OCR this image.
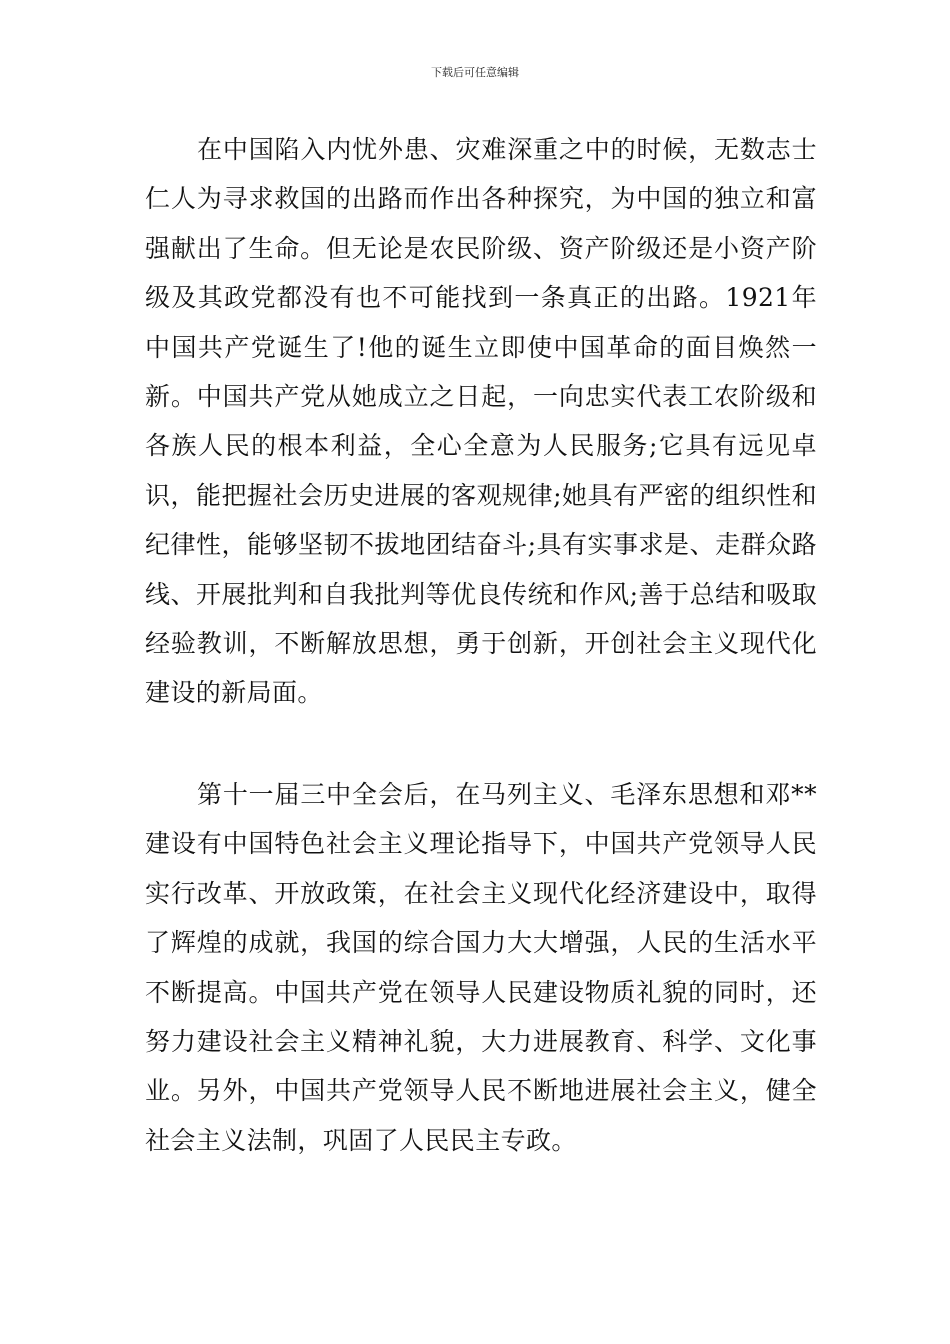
下载后可任意编辑

在中国陷入内忧外患、灾难深重之中的时候，无数志士仁人为寻求救国的出路而作出各种探究，为中国的独立和富强献出了生命。但无论是农民阶级、资产阶级还是小资产阶级及其政党都没有也不可能找到一条真正的出路。1921年中国共产党诞生了!他的诞生立即使中国革命的面目焕然一新。中国共产党从她成立之日起，一向忠实代表工农阶级和各族人民的根本利益，全心全意为人民服务;它具有远见卓识，能把握社会历史进展的客观规律;她具有严密的组织性和纪律性，能够坚韧不拔地团结奋斗;具有实事求是、走群众路线、开展批判和自我批判等优良传统和作风;善于总结和吸取经验教训，不断解放思想，勇于创新，开创社会主义现代化建设的新局面。

第十一届三中全会后，在马列主义、毛泽东思想和邓**建设有中国特色社会主义理论指导下，中国共产党领导人民实行改革、开放政策，在社会主义现代化经济建设中，取得了辉煌的成就，我国的综合国力大大增强，人民的生活水平不断提高。中国共产党在领导人民建设物质礼貌的同时，还努力建设社会主义精神礼貌，大力进展教育、科学、文化事业。另外，中国共产党领导人民不断地进展社会主义，健全社会主义法制，巩固了人民民主专政。
